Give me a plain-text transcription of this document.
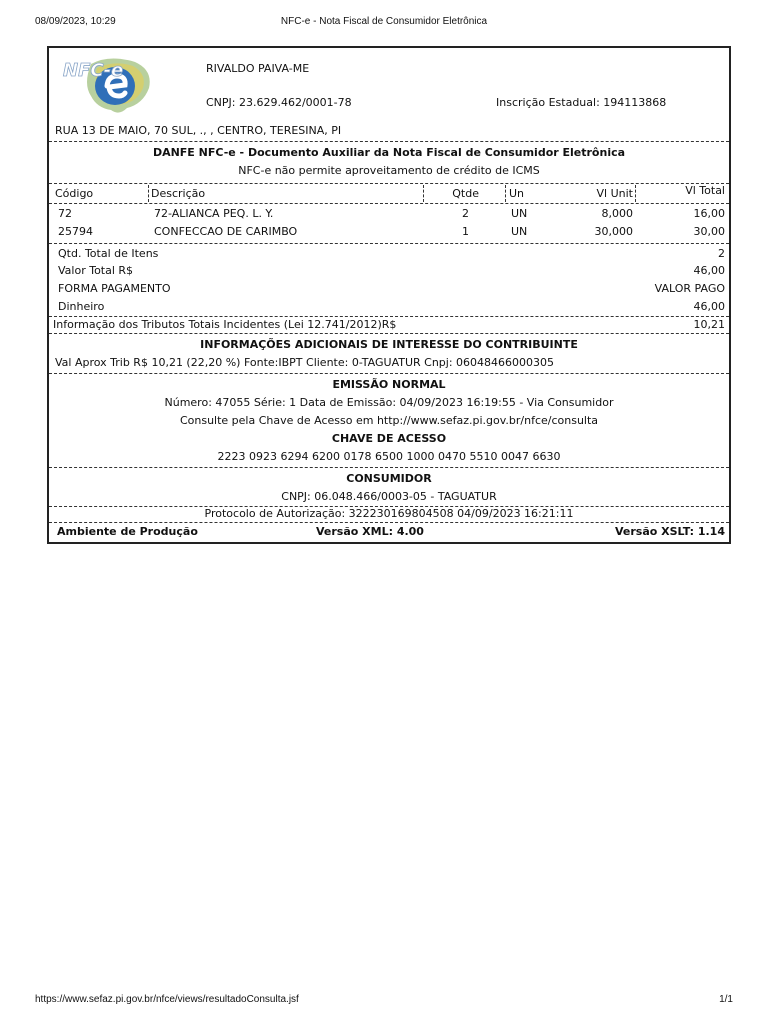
08/09/2023, 10:29	NFC-e - Nota Fiscal de Consumidor Eletrônica
NFC-e	RIVALDO PAIVA-ME
CNPJ: 23.629.462/0001-78	Inscrição Estadual: 194113868
RUA 13 DE MAIO, 70 SUL, ., , CENTRO, TERESINA, PI
DANFE NFC-e - Documento Auxiliar da Nota Fiscal de Consumidor Eletrônica
NFC-e não permite aproveitamento de crédito de ICMS
Código	Descrição	Qtde	Un	Vl Unit	Vl Total
72	72-ALIANCA PEQ. L. Y.	2	UN	8,000	16,00
25794	CONFECCAO DE CARIMBO	1	UN	30,000	30,00
Qtd. Total de Itens	2
Valor Total R$	46,00
FORMA PAGAMENTO	VALOR PAGO
Dinheiro	46,00
Informação dos Tributos Totais Incidentes (Lei 12.741/2012)R$	10,21
INFORMAÇÕES ADICIONAIS DE INTERESSE DO CONTRIBUINTE
Val Aprox Trib R$ 10,21 (22,20 %) Fonte:IBPT Cliente: 0-TAGUATUR Cnpj: 06048466000305
EMISSÃO NORMAL
Número: 47055 Série: 1 Data de Emissão: 04/09/2023 16:19:55 - Via Consumidor
Consulte pela Chave de Acesso em http://www.sefaz.pi.gov.br/nfce/consulta
CHAVE DE ACESSO
2223 0923 6294 6200 0178 6500 1000 0470 5510 0047 6630
CONSUMIDOR
CNPJ: 06.048.466/0003-05 - TAGUATUR
Protocolo de Autorização: 322230169804508 04/09/2023 16:21:11
Ambiente de Produção	Versão XML: 4.00	Versão XSLT: 1.14
https://www.sefaz.pi.gov.br/nfce/views/resultadoConsulta.jsf	1/1
